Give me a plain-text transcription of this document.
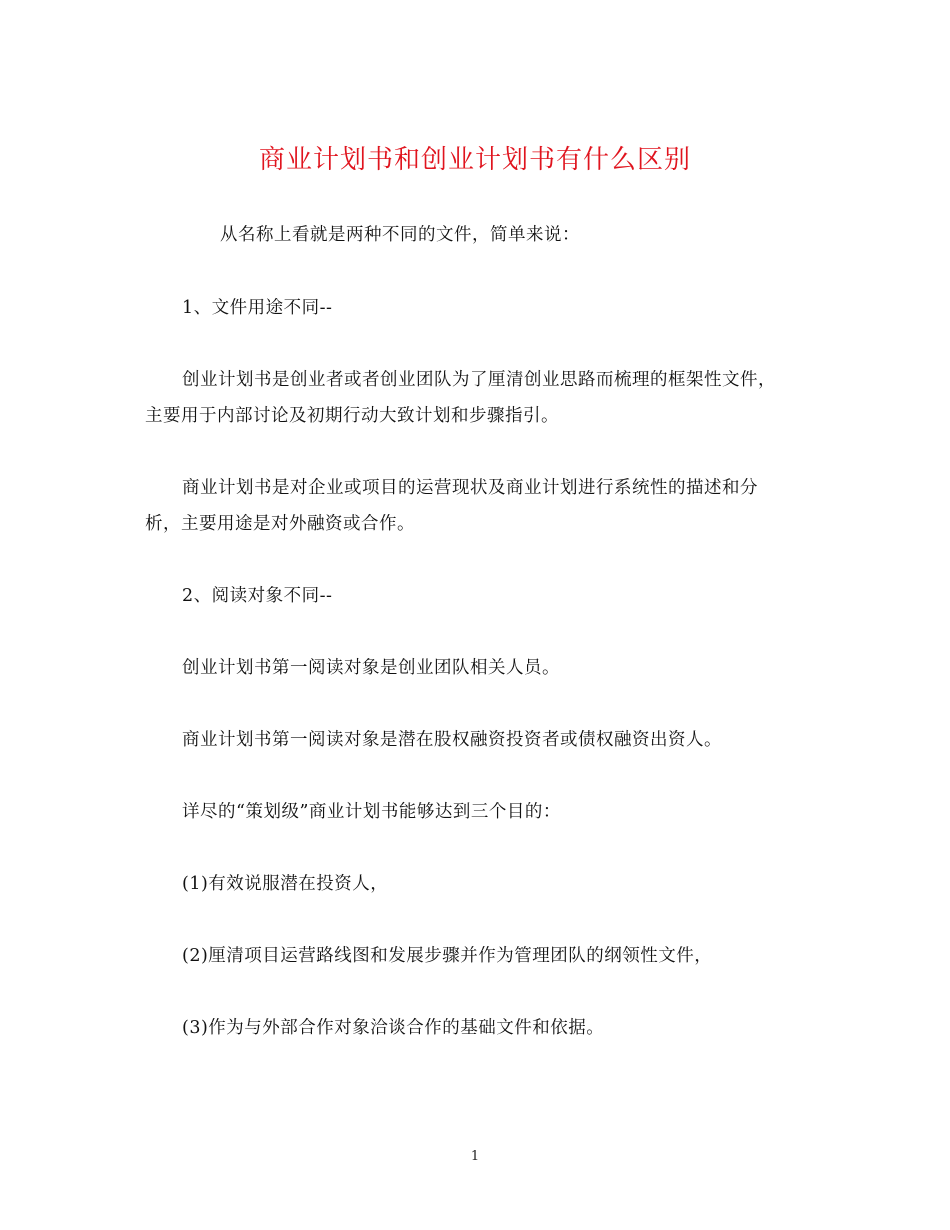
商业计划书和创业计划书有什么区别
从名称上看就是两种不同的文件，简单来说：
1、文件用途不同--
创业计划书是创业者或者创业团队为了厘清创业思路而梳理的框架性文件，
主要用于内部讨论及初期行动大致计划和步骤指引。
商业计划书是对企业或项目的运营现状及商业计划进行系统性的描述和分
析，主要用途是对外融资或合作。
2、阅读对象不同--
创业计划书第一阅读对象是创业团队相关人员。
商业计划书第一阅读对象是潜在股权融资投资者或债权融资出资人。
详尽的“策划级”商业计划书能够达到三个目的：
(1)有效说服潜在投资人，
(2)厘清项目运营路线图和发展步骤并作为管理团队的纲领性文件，
(3)作为与外部合作对象洽谈合作的基础文件和依据。
1
